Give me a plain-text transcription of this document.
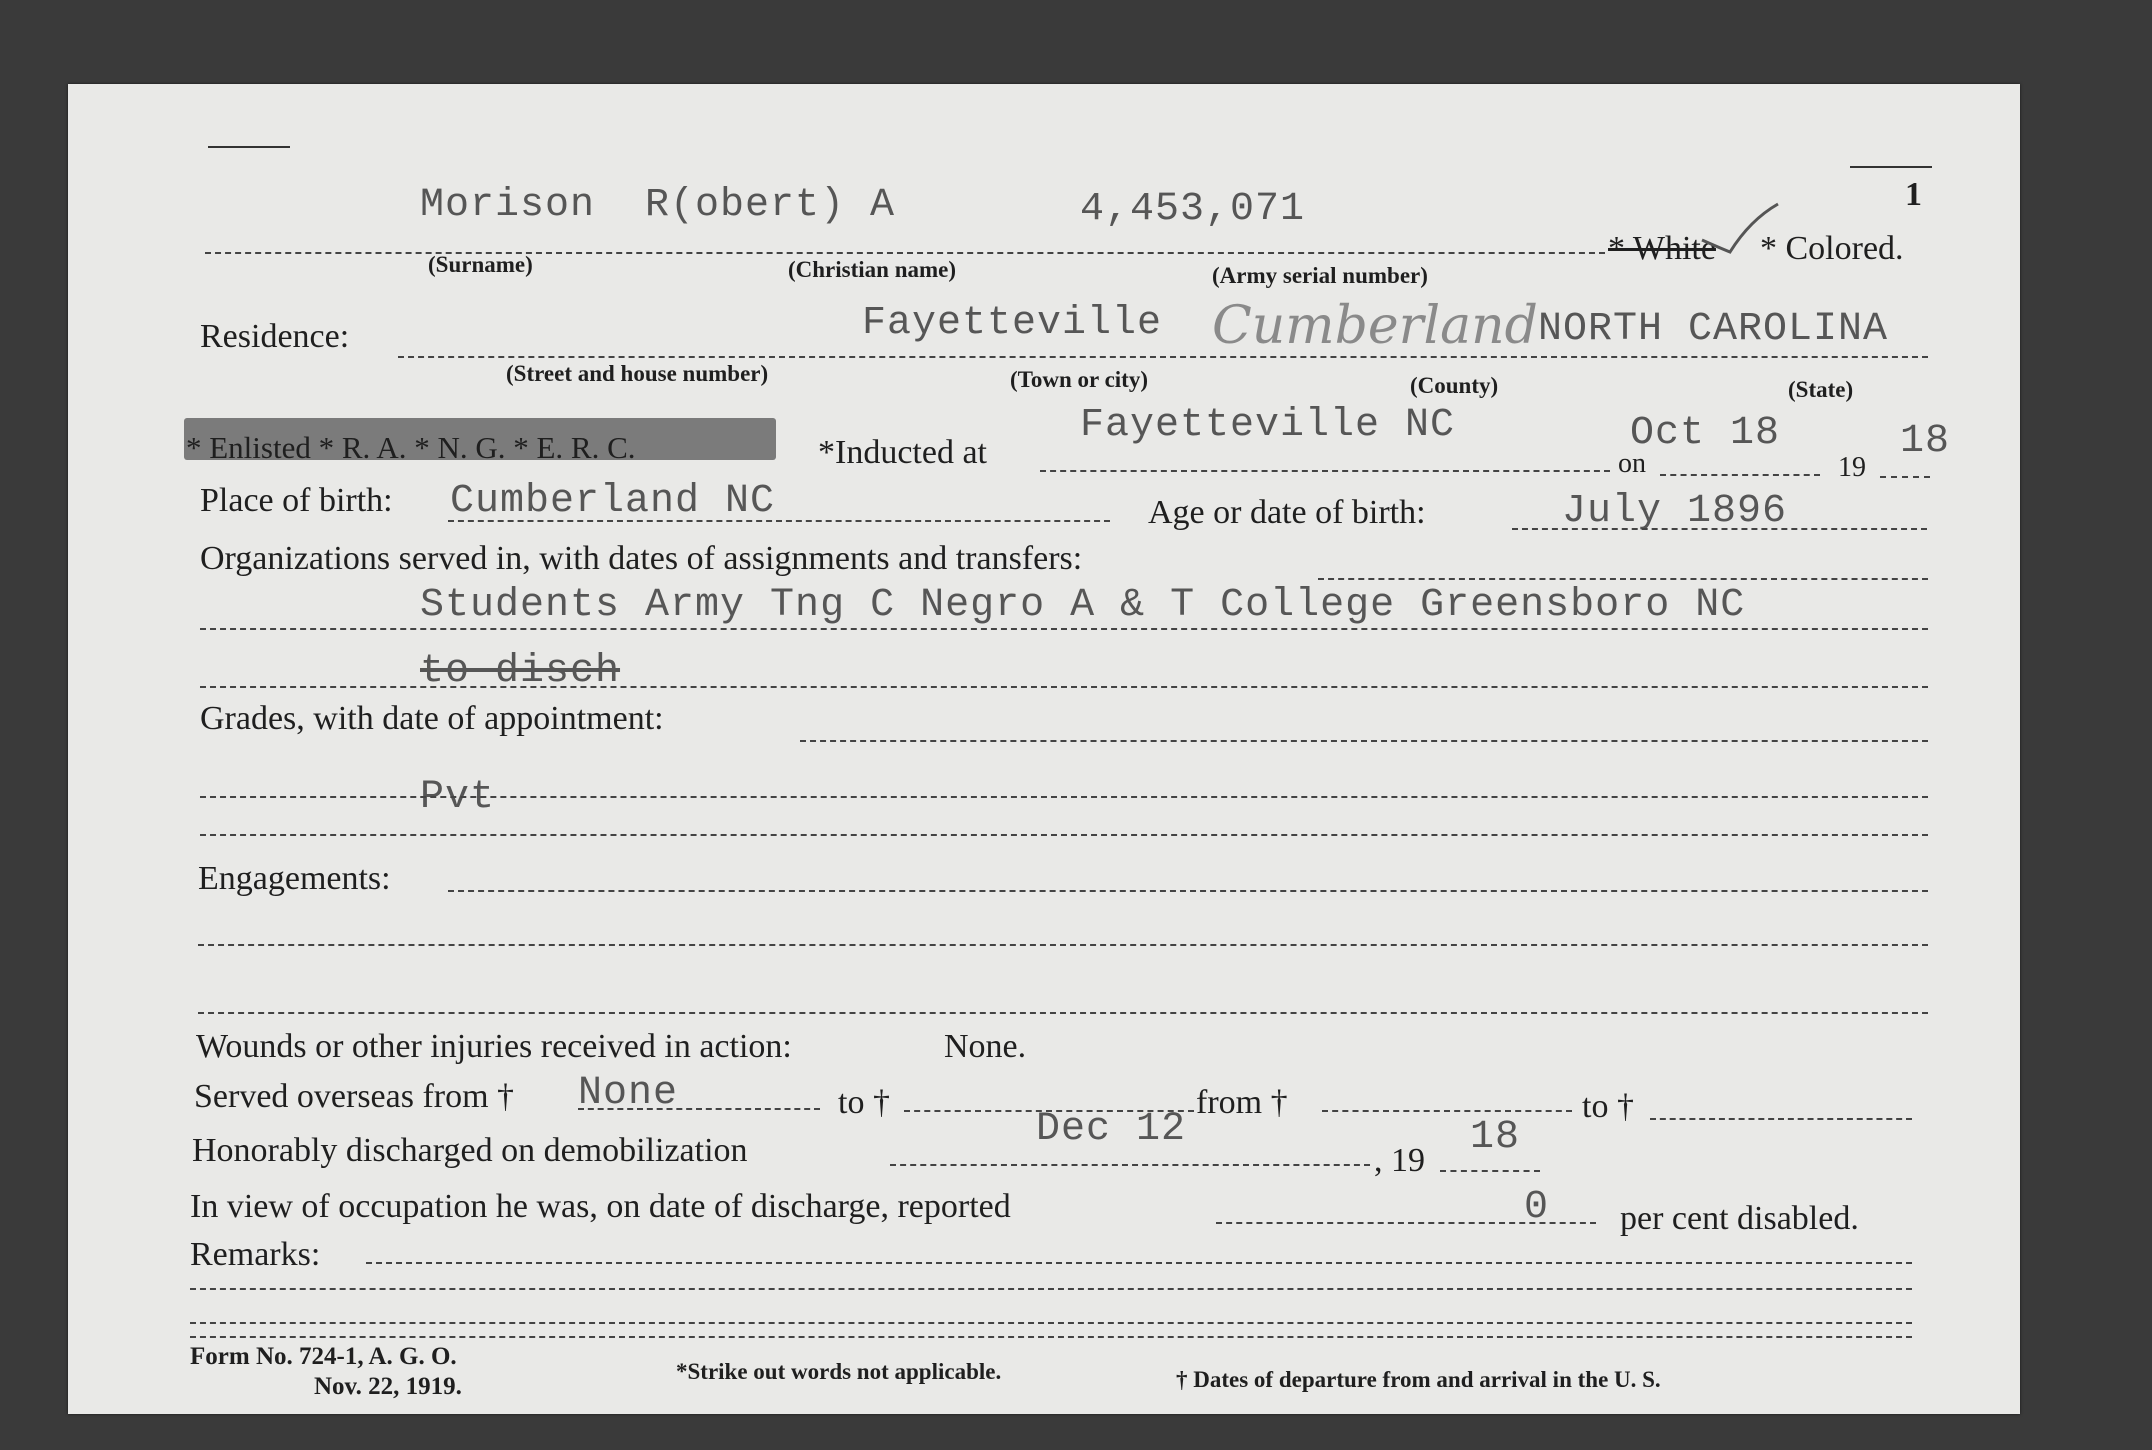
Morison R(obert) A	4,453,071	1
* White * Colored.
(Surname)	(Christian name)	(Army serial number)
Residence:	Fayetteville Cumberland NORTH CAROLINA
(Street and house number)	(Town or city)	(County)	(State)
* Enlisted * R. A. * N. G. * E. R. C.	*Inducted at
Fayetteville NC
on
Oct 18
19
18
Place of birth: Cumberland NC	Age or date of birth:	July 1896
Organizations served in, with dates of assignments and transfers:
Students Army Tng C Negro A & T College Greensboro NC
to disch
Grades, with date of appointment:
Pvt
Engagements:
Wounds or other injuries received in action:	None.
Served overseas from † None	to †	from †	to †
Honorably discharged on demobilization	Dec 12
, 19
18
In view of occupation he was, on date of discharge, reported	0 per cent disabled.
Remarks:
Form No. 724-1, A. G. O.
Nov. 22, 1919.
*Strike out words not applicable.	† Dates of departure from and arrival in the U. S.
